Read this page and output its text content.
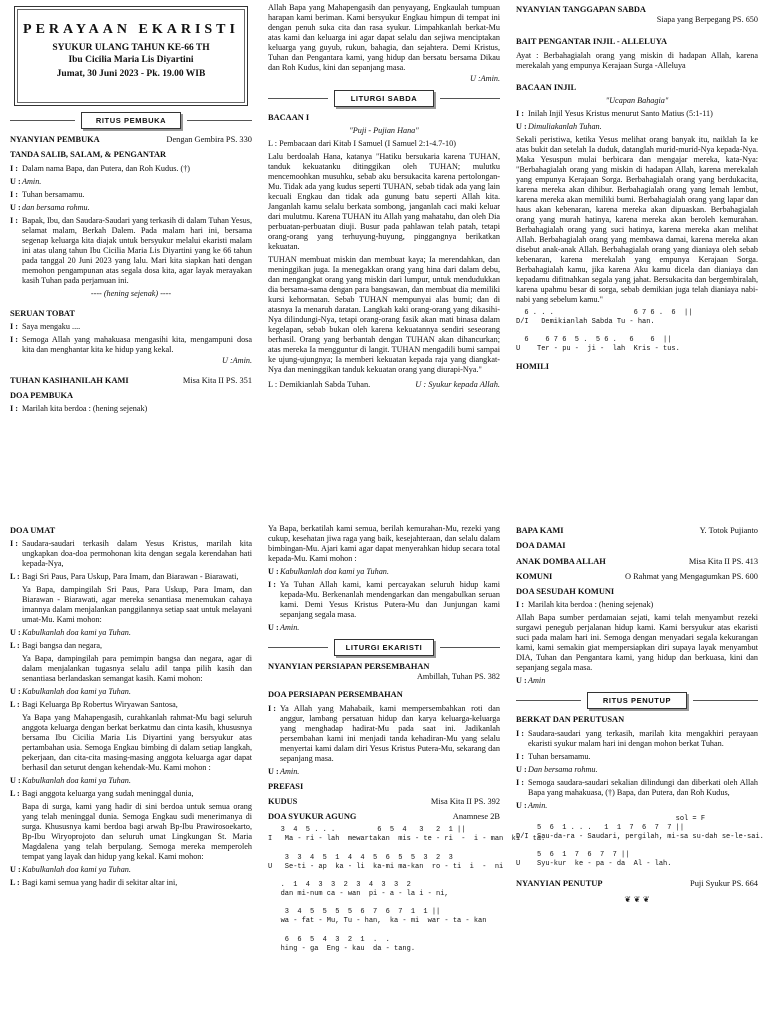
PERAYAAN EKARISTI
SYUKUR ULANG TAHUN KE-66 TH
Ibu Cicilia Maria Lis Diyartini
Jumat, 30 Juni 2023 - Pk. 19.00 WIB
RITUS PEMBUKA
NYANYIAN PEMBUKA	Dengan Gembira PS. 330
TANDA SALIB, SALAM, & PENGANTAR
I : Dalam nama Bapa, dan Putera, dan Roh Kudus. (†)
U : Amin.
I : Tuhan bersamamu.
U : dan bersama rohmu.
I : Bapak, Ibu, dan Saudara-Saudari yang terkasih di dalam Tuhan Yesus, selamat malam, Berkah Dalem. Pada malam hari ini, bersama segenap keluarga kita diajak untuk bersyukur melalui ekaristi malam ini atas ulang tahun Ibu Cicilia Maria Lis Diyartini yang ke 66 tahun pada tanggal 20 Juni 2023 yang lalu. Mari kita siapkan hati dengan memohon pengampunan atas segala dosa kita, agar layak merayakan kasih Tuhan pada perjamuan ini.
---- (hening sejenak) ----
SERUAN TOBAT
I : Saya mengaku ....
I : Semoga Allah yang mahakuasa mengasihi kita, mengampuni dosa kita dan menghantar kita ke hidup yang kekal.
U :Amin.
TUHAN KASIHANILAH KAMI	Misa Kita II PS. 351
DOA PEMBUKA
I : Marilah kita berdoa : (hening sejenak)

Allah Bapa yang Mahapengasih dan penyayang, Engkaulah tumpuan harapan kami beriman. Kami bersyukur Engkau himpun di tempat ini dengan penuh suka cita dan rasa syukur. Limpahkanlah berkat-Mu atas kami dan keluarga ini agar dapat selalu dan sejiwa menciptakan keluarga yang guyub, rukun, bahagia, dan sejahtera. Demi Kristus, Tuhan dan Pengantara kami, yang hidup dan bersatu bersama Dikau dan Roh Kudus, kini dan sepanjang masa.

U :Amin.
LITURGI SABDA
BACAAN I
"Puji - Pujian Hana"
L : Pembacaan dari Kitab I Samuel (I Samuel 2:1-4.7-10)

Lalu berdoalah Hana, katanya "Hatiku bersukaria karena TUHAN, tanduk kekuatanku ditinggikan oleh TUHAN; mulutku mencemoohkan musuhku, sebab aku bersukacita karena pertolongan-Mu. Tidak ada yang kudus seperti TUHAN, sebab tidak ada yang lain kecuali Engkau dan tidak ada gunung batu seperti Allah kita. Janganlah kamu selalu berkata sombong, janganlah caci maki keluar dari mulutmu. Karena TUHAN itu Allah yang mahatahu, dan oleh Dia perbuatan-perbuatan diuji. Busur pada pahlawan telah patah, tetapi orang-orang yang terhuyung-huyung, pinggangnya berikatkan kekuatan.

TUHAN membuat miskin dan membuat kaya; Ia merendahkan, dan meninggikan juga. Ia menegakkan orang yang hina dari dalam debu, dan mengangkat orang yang miskin dari lumpur, untuk mendudukkan dia bersama-sama dengan para bangsawan, dan membuat dia memiliki kursi kehormatan. Sebab TUHAN mempunyai alas bumi; dan di atasnya Ia menaruh daratan. Langkah kaki orang-orang yang dikasihi-Nya dilindungi-Nya, tetapi orang-orang fasik akan mati binasa dalam kegelapan, sebab bukan oleh karena kekuatannya sendiri seseorang berhasil. Orang yang berbantah dengan TUHAN akan dihancurkan; atas mereka Ia mengguntur di langit. TUHAN mengadili bumi sampai ke ujung-ujungnya; Ia memberi kekuatan kepada raja yang diangkat-Nya dan meninggikan tanduk kekuatan orang yang diurapi-Nya."

L : Demikianlah Sabda Tuhan.	U : Syukur kepada Allah.
NYANYIAN TANGGAPAN SABDA
Siapa yang Berpegang PS. 650
BAIT PENGANTAR INJIL - ALLELUYA

Ayat : Berbahagialah orang yang miskin di hadapan Allah, karena merekalah yang empunya Kerajaan Surga -Alleluya

BACAAN INJIL
"Ucapan Bahagia"
I : Inilah Injil Yesus Kristus menurut Santo Matius (5:1-11)
U : Dimuliakanlah Tuhan.

Sekali peristiwa, ketika Yesus melihat orang banyak itu, naiklah Ia ke atas bukit dan setelah Ia duduk, datanglah murid-murid-Nya kepada-Nya. Maka Yesuspun mulai berbicara dan mengajar mereka, kata-Nya: "Berbahagialah orang yang miskin di hadapan Allah, karena merekalah yang empunya Kerajaan Sorga. Berbahagialah orang yang berdukacita, karena mereka akan dihibur. Berbahagialah orang yang lemah lembut, karena mereka akan memiliki bumi. Berbahagialah orang yang lapar dan haus akan kebenaran, karena mereka akan dipuaskan. Berbahagialah orang yang murah hatinya, karena mereka akan beroleh kemurahan. Berbahagialah orang yang suci hatinya, karena mereka akan melihat Allah. Berbahagialah orang yang membawa damai, karena mereka akan disebut anak-anak Allah. Berbahagialah orang yang dianiaya oleh sebab kebenaran, karena merekalah yang empunya Kerajaan Sorga. Berbahagialah kamu, jika karena Aku kamu dicela dan dianiaya dan kepadamu difitnahkan segala yang jahat. Bersukacita dan bergembiralah, karena upahmu besar di sorga, sebab demikian juga telah dianiaya nabi-nabi yang sebelum kamu."

6 . . .                   6 7 6 .  6  ||
D/I   Demikianlah Sabda Tu - han.

6    6 7 6  5 .  5 6 .   6    6  ||
U    Ter - pu -  ji -  lah  Kris - tus.
HOMILI
DOA UMAT
I : Saudara-saudari terkasih dalam Yesus Kristus, marilah kita ungkapkan doa-doa permohonan kita dengan segala kerendahan hati kepada-Nya,
L : Bagi Sri Paus, Para Uskup, Para Imam, dan Biarawan - Biarawati,

Ya Bapa, dampingilah Sri Paus, Para Uskup, Para Imam, dan Biarawan - Biarawati, agar mereka senantiasa menemukan cahaya imannya dalam menjalankan panggilannya setiap saat untuk melayani umat-Mu. Kami mohon:

U : Kabulkanlah doa kami ya Tuhan.
L : Bagi bangsa dan negara,

Ya Bapa, dampingilah para pemimpin bangsa dan negara, agar di dalam menjalankan tugasnya selalu adil tanpa pilih kasih dan senantiasa berlandaskan semangat kasih. Kami mohon:

U : Kabulkanlah doa kami ya Tuhan.
L : Bagi Keluarga Bp Robertus Wiryawan Santosa,

Ya Bapa yang Mahapengasih, curahkanlah rahmat-Mu bagi seluruh anggota keluarga dengan berkat berkatmu dan cinta kasih, khususnya bersama Ibu Cicilia Maria Lis Diyartini yang bersyukur atas pertambahan usia. Semoga Engkau bimbing di dalam setiap langkah, pekerjaan, dan cita-cita masing-masing anggota keluarga agar dapat berhasil dan seturut dengan kehendak-Mu. Kami mohon :

U : Kabulkanlah doa kami ya Tuhan.
L : Bagi anggota keluarga yang sudah meninggal dunia,

Bapa di surga, kami yang hadir di sini berdoa untuk semua orang yang telah meninggal dunia. Semoga Engkau sudi menerimanya di surga. Khususnya kami berdoa bagi arwah Bp-Ibu Prawirosoekarto, Bp-Ibu Wiryoprojoto dan seluruh umat Lingkungan St. Maria Magdalena yang telah berpulang. Semoga mereka memperoleh tempat yang layak dan hidup yang kekal. Kami mohon:

U : Kabulkanlah doa kami ya Tuhan.
L : Bagi kami semua yang hadir di sekitar altar ini,

Ya Bapa, berkatilah kami semua, berilah kemurahan-Mu, rezeki yang cukup, kesehatan jiwa raga yang baik, kesejahteraan, dan selalu dalam bimbingan-Mu. Ajari kami agar dapat menyerahkan hidup secara total kepada-Mu. Kami mohon :

U : Kabulkanlah doa kami ya Tuhan.
I : Ya Tuhan Allah kami, kami percayakan seluruh hidup kami kepada-Mu. Berkenanlah mendengarkan dan mengabulkan seruan kami. Demi Yesus Kristus Putera-Mu dan Junjungan kami sepanjang segala masa.
U : Amin.
LITURGI EKARISTI
NYANYIAN PERSIAPAN PERSEMBAHAN
Ambillah, Tuhan PS. 382
DOA PERSIAPAN PERSEMBAHAN
I : Ya Allah yang Mahabaik, kami mempersembahkan roti dan anggur, lambang persatuan hidup dan karya keluarga-keluarga yang menghadap hadirat-Mu pada saat ini. Jadikanlah persembahan kami ini menjadi tanda kehadiran-Mu yang selalu menyertai kami dalam diri Yesus Kristus Putera-Mu, sekarang dan sepanjang masa.
U : Amin.
PREFASI
KUDUS	Misa Kita II PS. 392
DOA SYUKUR AGUNG	Anamnese 2B
3  4  5 . . .          6  5  4   3   2  1 ||
I   Ma - ri - lah  mewartakan  mis - te - ri  -  i - man  ki - ta.

3  3  4  5  1  4  4  5  6  5  5  3  2  3
U   Se-ti - ap  ka - li  ka-mi ma-kan  ro - ti  i  -  ni

.  1  4  3  3  2  3  4  3  3  2
dan mi-num ca - wan  pi - a - la i - ni,

3  4  5  5  5  5  6  7  6  7  1  1 ||
wa - fat - Mu, Tu - han,  ka - mi  war - ta - kan

6  6  5  4  3  2  1  .  .
hing - ga  Eng - kau  da - tang.
BAPA KAMI	Y. Totok Pujianto
DOA DAMAI
ANAK DOMBA ALLAH	Misa Kita II PS. 413
KOMUNI	O Rahmat yang Mengagumkan PS. 600
DOA SESUDAH KOMUNI
I : Marilah kita berdoa : (hening sejenak)

Allah Bapa sumber perdamaian sejati, kami telah menyambut rezeki surgawi penegub perjalanan hidup kami. Kami bersyukur atas ekaristi suci pada malam hari ini. Semoga dengan menyadari segala kekurangan kami, kami semakin giat mempersiapkan diri supaya layak menyambut DIA, Tuhan dan Pengantara kami, yang hidup dan berkuasa, kini dan sepanjang segala masa.

U : Amin
RITUS PENUTUP
BERKAT DAN PERUTUSAN
I : Saudara-saudari yang terkasih, marilah kita mengakhiri perayaan ekaristi syukur malam hari ini dengan mohon berkat Tuhan.
I : Tuhan bersamamu.
U : Dan bersama rohmu.
I : Semoga saudara-saudari sekalian dilindungi dan diberkati oleh Allah Bapa yang mahakuasa, (†) Bapa, dan Putera, dan Roh Kudus,
U : Amin.
sol = F
5  6  1 . . .   1  1  7  6  7  7 ||
D/I  Sau-da-ra - Saudari, pergilah, mi-sa su-dah se-le-sai.

5  6  1  7  6  7  7 ||
U    Syu-kur  ke - pa - da  Al - lah.
NYANYIAN PENUTUP	Puji Syukur PS. 664
❦ ❦ ❦
